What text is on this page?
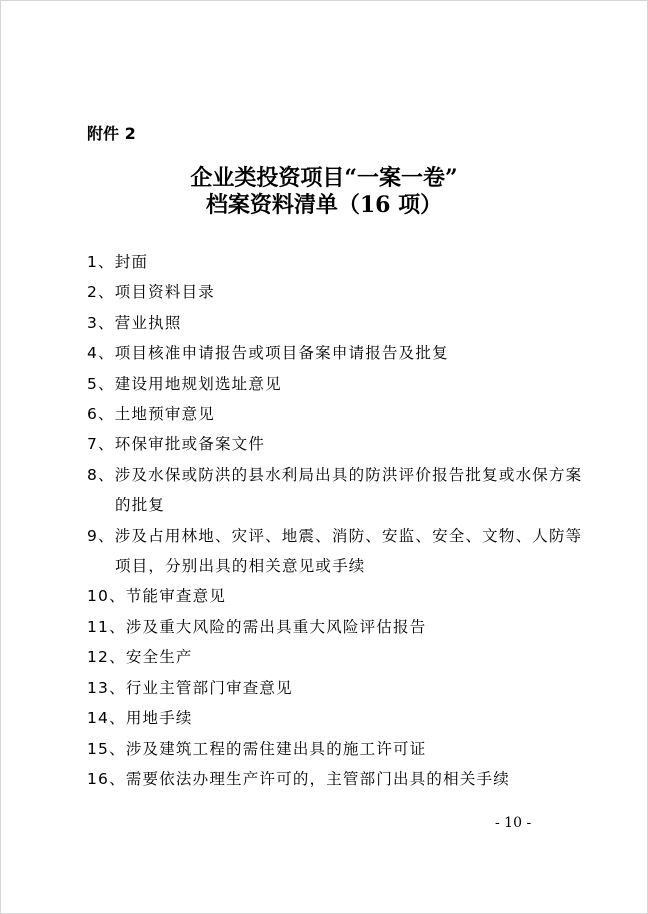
附件 2
企业类投资项目“一案一卷”
档案资料清单（16 项）
1、封面
2、项目资料目录
3、营业执照
4、项目核准申请报告或项目备案申请报告及批复
5、建设用地规划选址意见
6、土地预审意见
7、环保审批或备案文件
8、涉及水保或防洪的县水利局出具的防洪评价报告批复或水保方案的批复
9、涉及占用林地、灾评、地震、消防、安监、安全、文物、人防等项目，分别出具的相关意见或手续
10、节能审查意见
11、涉及重大风险的需出具重大风险评估报告
12、安全生产
13、行业主管部门审查意见
14、用地手续
15、涉及建筑工程的需住建出具的施工许可证
16、需要依法办理生产许可的，主管部门出具的相关手续
- 10 -
